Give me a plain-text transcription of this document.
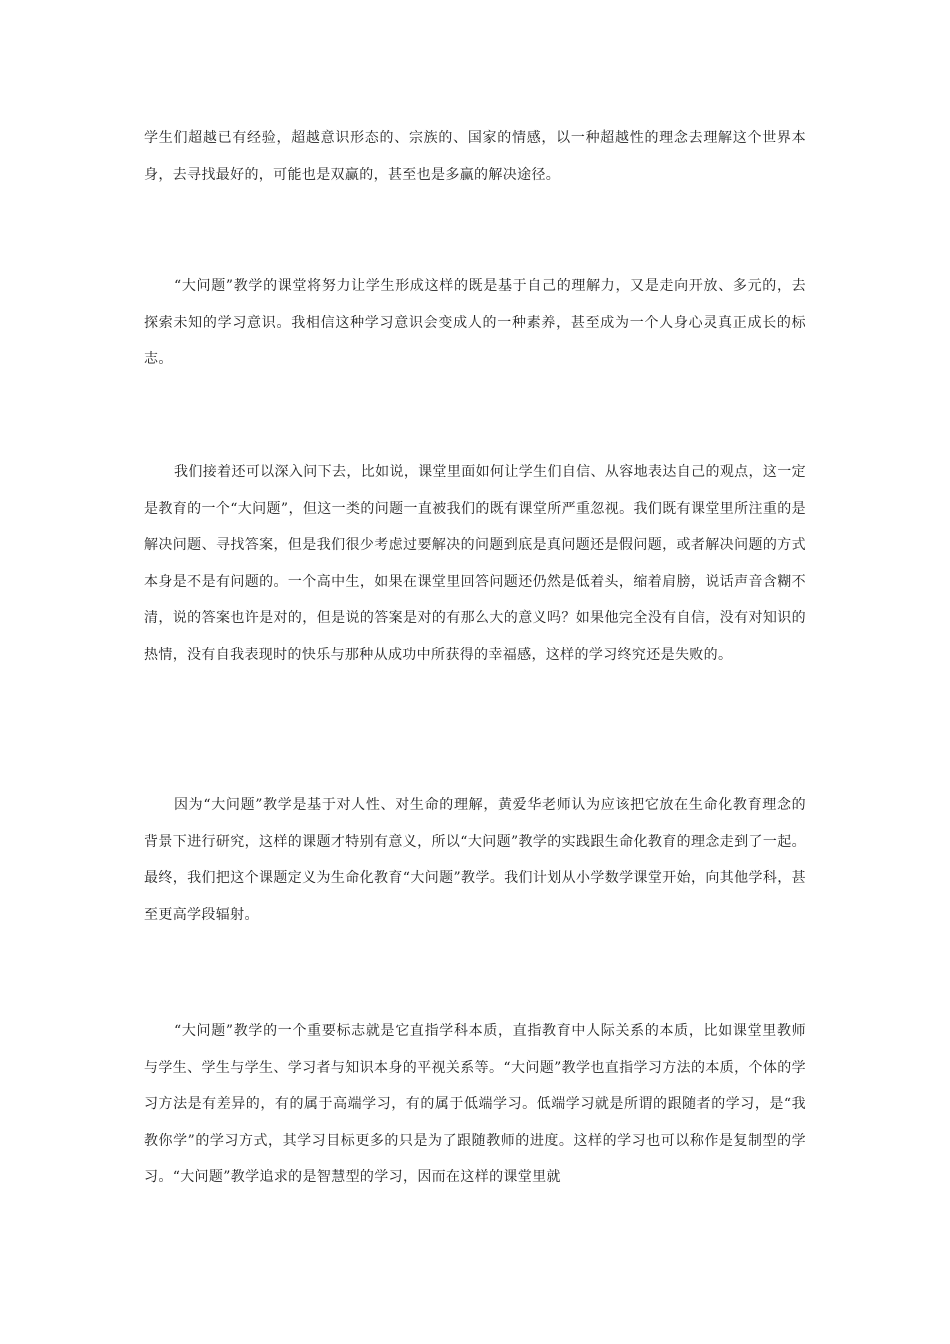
学生们超越已有经验，超越意识形态的、宗族的、国家的情感，以一种超越性的理念去理解这个世界本身，去寻找最好的，可能也是双赢的，甚至也是多赢的解决途径。

“大问题”教学的课堂将努力让学生形成这样的既是基于自己的理解力，又是走向开放、多元的，去探索未知的学习意识。我相信这种学习意识会变成人的一种素养，甚至成为一个人身心灵真正成长的标志。

我们接着还可以深入问下去，比如说，课堂里面如何让学生们自信、从容地表达自己的观点，这一定是教育的一个“大问题”，但这一类的问题一直被我们的既有课堂所严重忽视。我们既有课堂里所注重的是解决问题、寻找答案，但是我们很少考虑过要解决的问题到底是真问题还是假问题，或者解决问题的方式本身是不是有问题的。一个高中生，如果在课堂里回答问题还仍然是低着头，缩着肩膀，说话声音含糊不清，说的答案也许是对的，但是说的答案是对的有那么大的意义吗？如果他完全没有自信，没有对知识的热情，没有自我表现时的快乐与那种从成功中所获得的幸福感，这样的学习终究还是失败的。

因为“大问题”教学是基于对人性、对生命的理解，黄爱华老师认为应该把它放在生命化教育理念的背景下进行研究，这样的课题才特别有意义，所以“大问题”教学的实践跟生命化教育的理念走到了一起。最终，我们把这个课题定义为生命化教育“大问题”教学。我们计划从小学数学课堂开始，向其他学科，甚至更高学段辐射。

“大问题”教学的一个重要标志就是它直指学科本质，直指教育中人际关系的本质，比如课堂里教师与学生、学生与学生、学习者与知识本身的平视关系等。“大问题”教学也直指学习方法的本质，个体的学习方法是有差异的，有的属于高端学习，有的属于低端学习。低端学习就是所谓的跟随者的学习，是“我教你学”的学习方式，其学习目标更多的只是为了跟随教师的进度。这样的学习也可以称作是复制型的学习。“大问题”教学追求的是智慧型的学习，因而在这样的课堂里就
